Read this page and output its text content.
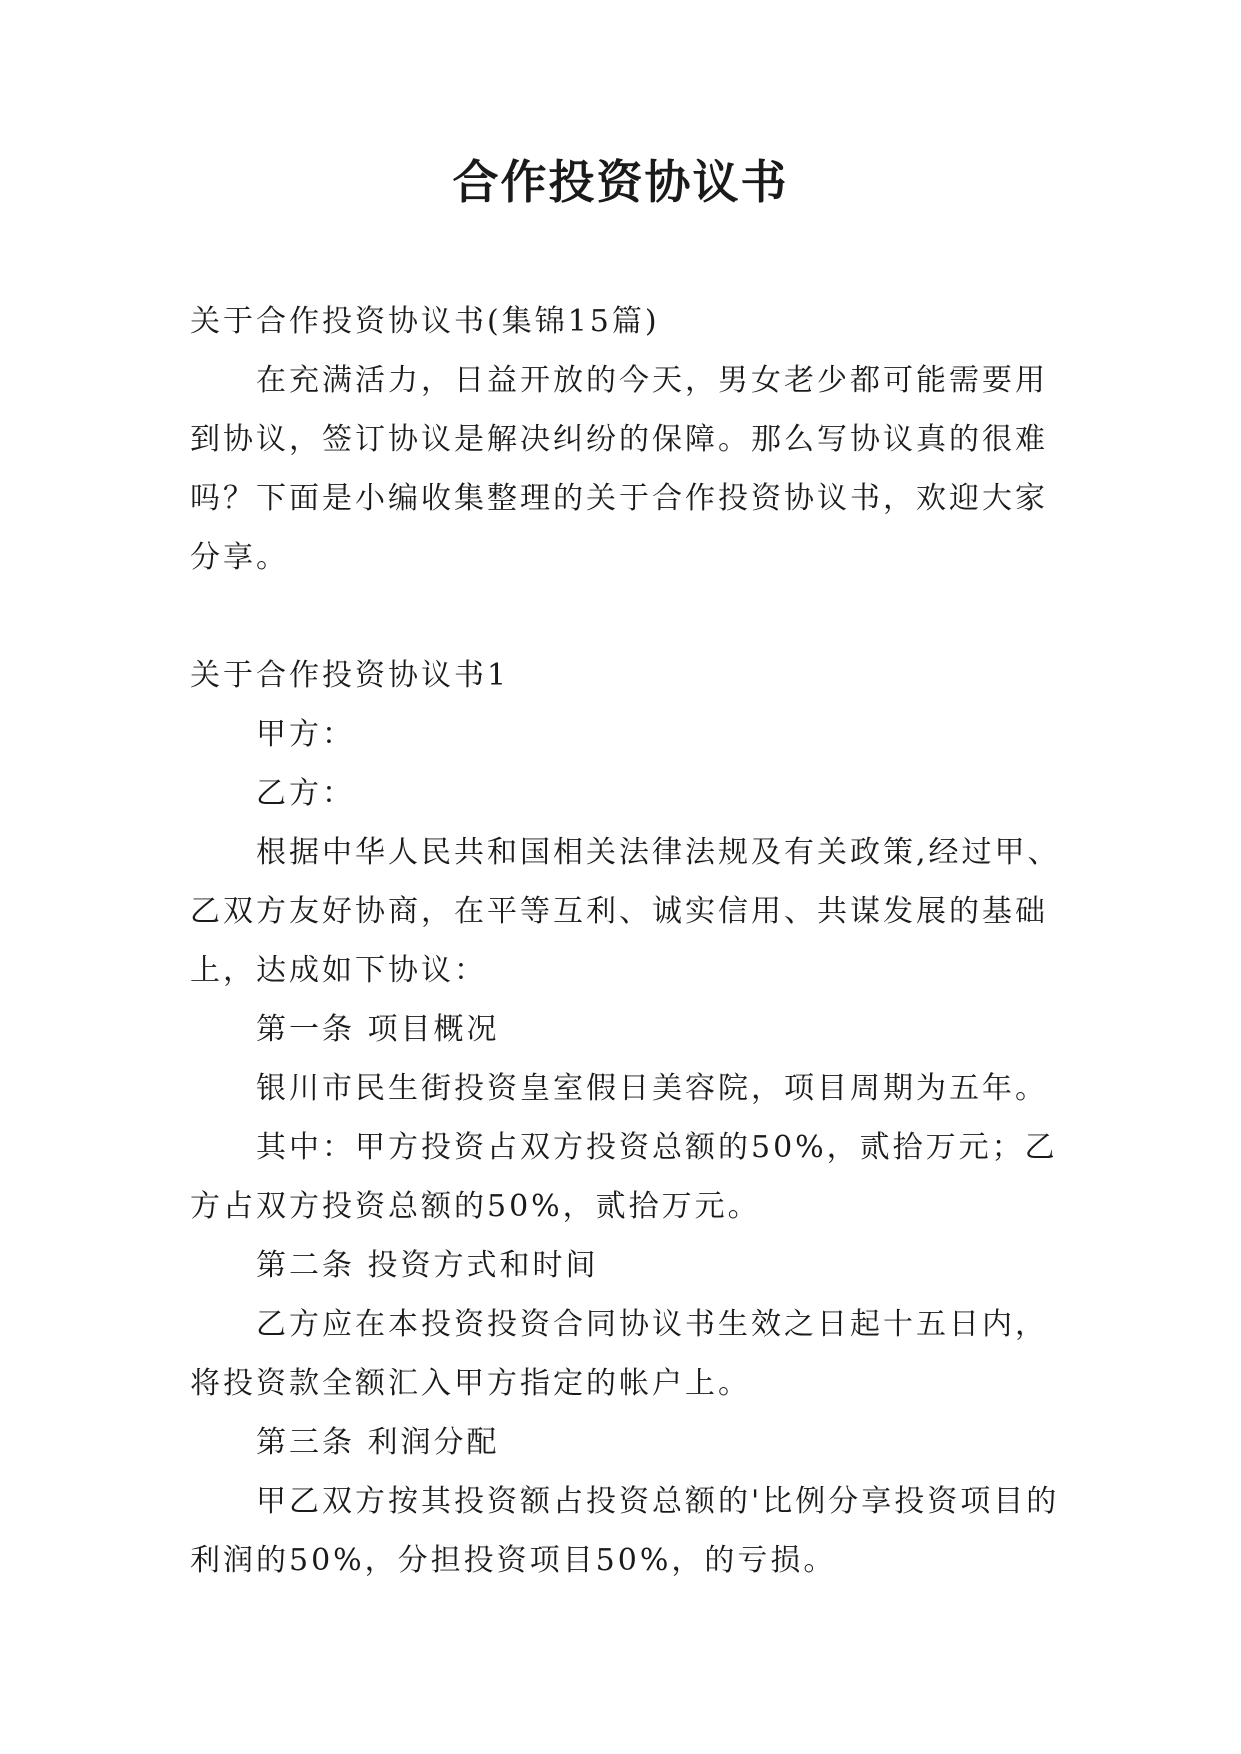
合作投资协议书

关于合作投资协议书(集锦15篇)

在充满活力，日益开放的今天，男女老少都可能需要用到协议，签订协议是解决纠纷的保障。那么写协议真的很难吗？下面是小编收集整理的关于合作投资协议书，欢迎大家分享。

关于合作投资协议书1

甲方：

乙方：

根据中华人民共和国相关法律法规及有关政策,经过甲、乙双方友好协商，在平等互利、诚实信用、共谋发展的基础上，达成如下协议：

第一条 项目概况

银川市民生街投资皇室假日美容院，项目周期为五年。

其中：甲方投资占双方投资总额的50%，贰拾万元；乙方占双方投资总额的50%，贰拾万元。

第二条 投资方式和时间

乙方应在本投资投资合同协议书生效之日起十五日内，将投资款全额汇入甲方指定的帐户上。

第三条 利润分配

甲乙双方按其投资额占投资总额的'比例分享投资项目的利润的50%，分担投资项目50%，的亏损。
